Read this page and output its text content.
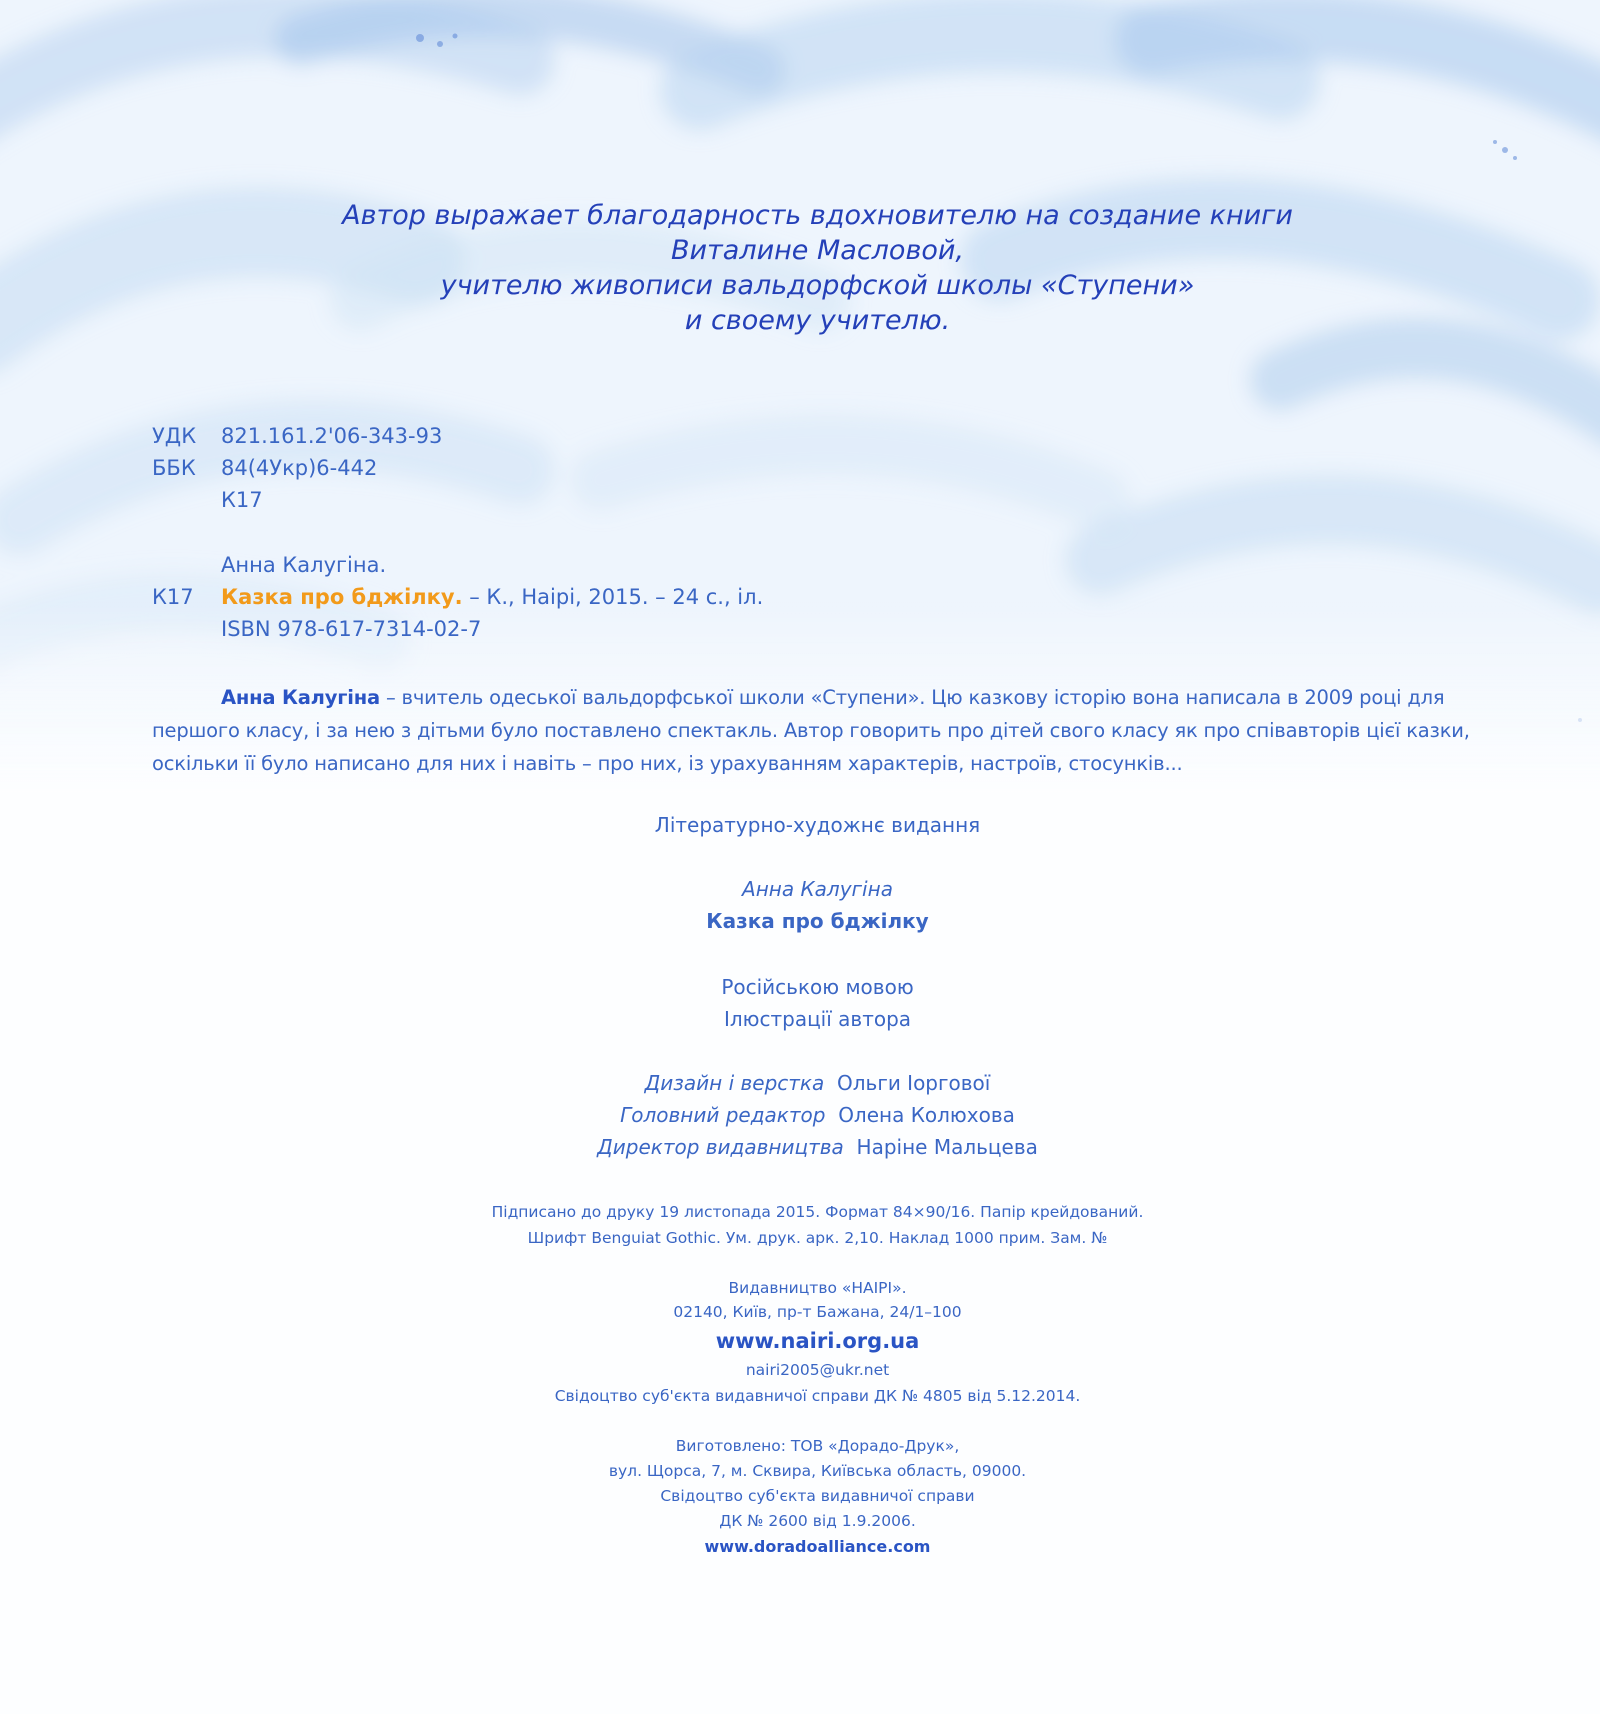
Автор выражает благодарность вдохновителю на создание книги
Виталине Масловой,
учителю живописи вальдорфской школы «Ступени»
и своему учителю.
УДК 821.161.2'06-343-93
ББК 84(4Укр)6-442
К17
Анна Калугіна.
К17 Казка про бджілку. – К., Наірі, 2015. – 24 с., іл.
ISBN 978-617-7314-02-7
Анна Калугіна – вчитель одеської вальдорфської школи «Ступени». Цю казкову історію вона написала в 2009 році для першого класу, і за нею з дітьми було поставлено спектакль. Автор говорить про дітей свого класу як про співавторів цієї казки, оскільки її було написано для них і навіть – про них, із урахуванням характерів, настроїв, стосунків...
Літературно-художнє видання
Анна Калугіна
Казка про бджілку
Російською мовою
Ілюстрації автора
Дизайн і верстка Ольги Іоргової
Головний редактор Олена Колюхова
Директор видавництва Наріне Мальцева
Підписано до друку 19 листопада 2015. Формат 84×90/16. Папір крейдований.
Шрифт Benguiat Gothic. Ум. друк. арк. 2,10. Наклад 1000 прим. Зам. №
Видавництво «НАІРІ».
02140, Київ, пр-т Бажана, 24/1–100
www.nairi.org.ua
nairi2005@ukr.net
Свідоцтво суб'єкта видавничої справи ДК № 4805 від 5.12.2014.
Виготовлено: ТОВ «Дорадо-Друк»,
вул. Щорса, 7, м. Сквира, Київська область, 09000.
Свідоцтво суб'єкта видавничої справи
ДК № 2600 від 1.9.2006.
www.doradoalliance.com
